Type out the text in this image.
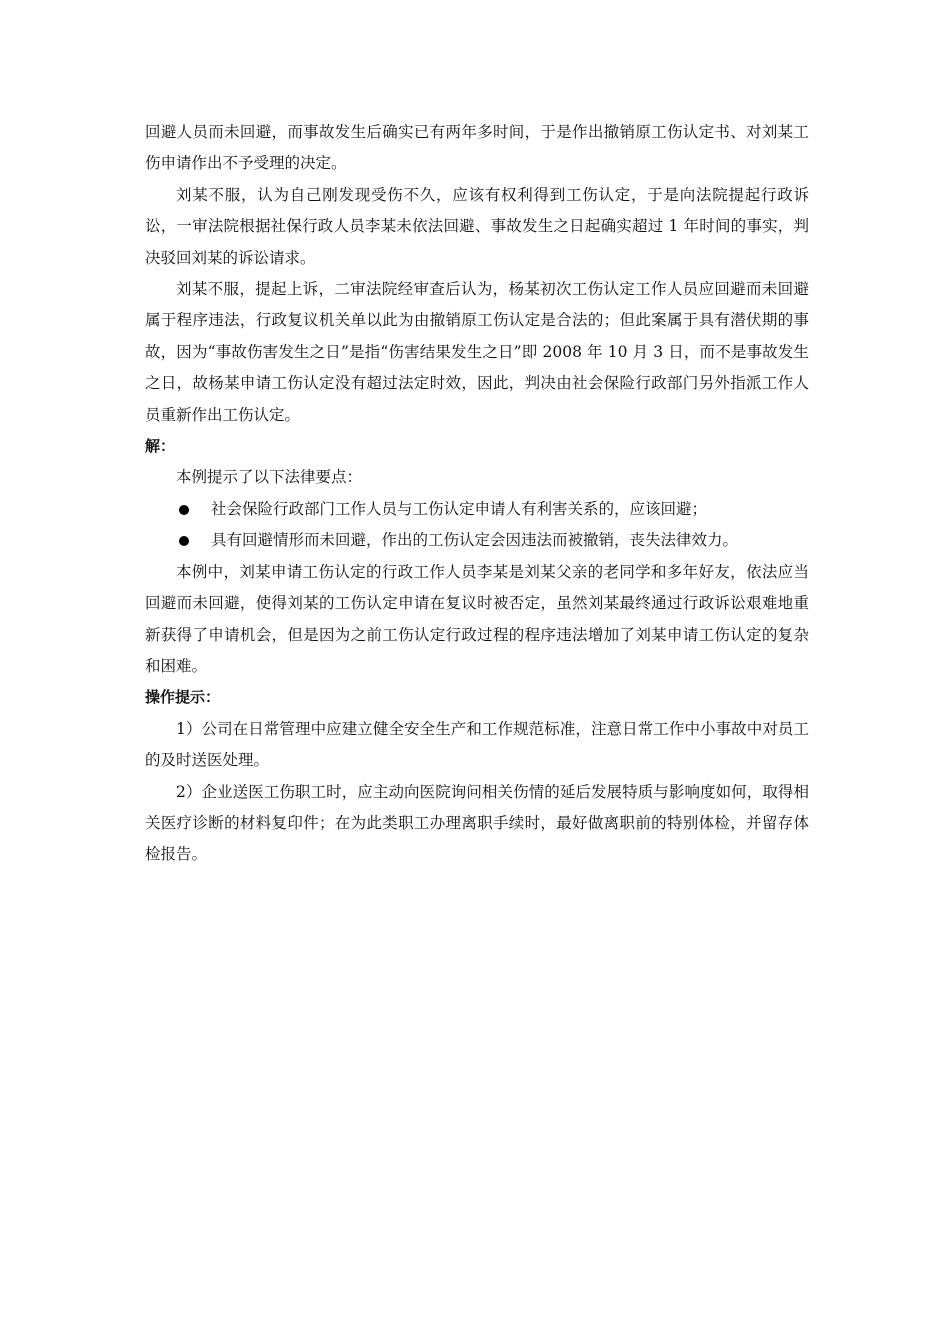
回避人员而未回避，而事故发生后确实已有两年多时间，于是作出撤销原工伤认定书、对刘某工伤申请作出不予受理的决定。

刘某不服，认为自己刚发现受伤不久，应该有权利得到工伤认定，于是向法院提起行政诉讼，一审法院根据社保行政人员李某未依法回避、事故发生之日起确实超过 1 年时间的事实，判决驳回刘某的诉讼请求。

刘某不服，提起上诉，二审法院经审查后认为，杨某初次工伤认定工作人员应回避而未回避属于程序违法，行政复议机关单以此为由撤销原工伤认定是合法的；但此案属于具有潜伏期的事故，因为“事故伤害发生之日”是指“伤害结果发生之日”即 2008 年 10 月 3 日，而不是事故发生之日，故杨某申请工伤认定没有超过法定时效，因此，判决由社会保险行政部门另外指派工作人员重新作出工伤认定。

解：

本例提示了以下法律要点：

社会保险行政部门工作人员与工伤认定申请人有利害关系的，应该回避；
具有回避情形而未回避，作出的工伤认定会因违法而被撤销，丧失法律效力。

本例中，刘某申请工伤认定的行政工作人员李某是刘某父亲的老同学和多年好友，依法应当回避而未回避，使得刘某的工伤认定申请在复议时被否定，虽然刘某最终通过行政诉讼艰难地重新获得了申请机会，但是因为之前工伤认定行政过程的程序违法增加了刘某申请工伤认定的复杂和困难。

操作提示：

1）公司在日常管理中应建立健全安全生产和工作规范标准，注意日常工作中小事故中对员工的及时送医处理。

2）企业送医工伤职工时，应主动向医院询问相关伤情的延后发展特质与影响度如何，取得相关医疗诊断的材料复印件；在为此类职工办理离职手续时，最好做离职前的特别体检，并留存体检报告。
